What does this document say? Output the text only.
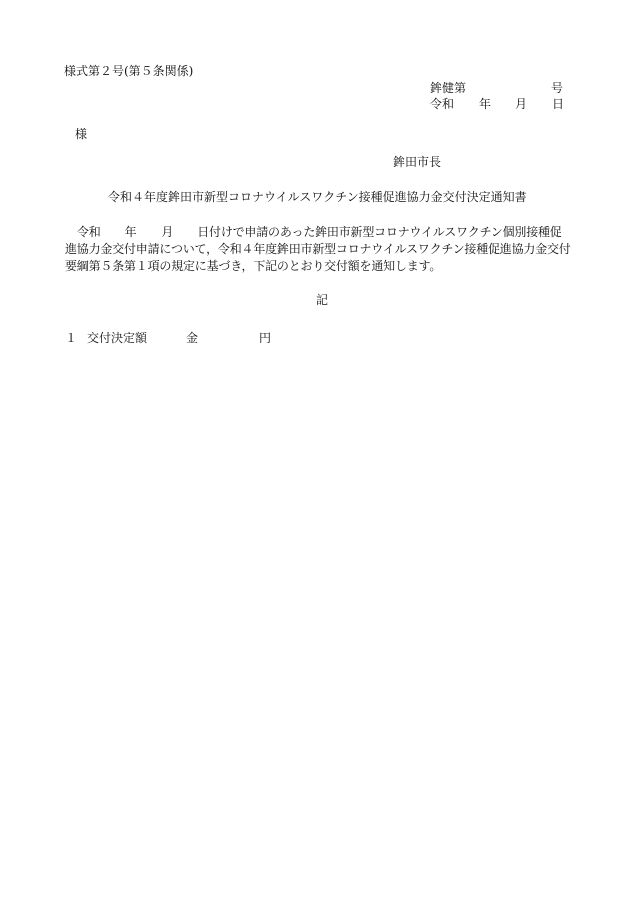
様式第２号(第５条関係)
鉾健第	号
令和 年 月 日
様
鉾田市長
令和４年度鉾田市新型コロナウイルスワクチン接種促進協力金交付決定通知書

令和 年 月 日付けで申請のあった鉾田市新型コロナウイルスワクチン個別接種促

進協力金交付申請について，令和４年度鉾田市新型コロナウイルスワクチン接種促進協力金交付

要綱第５条第１項の規定に基づき，下記のとおり交付額を通知します。

記
１ 交付決定額	金	円
